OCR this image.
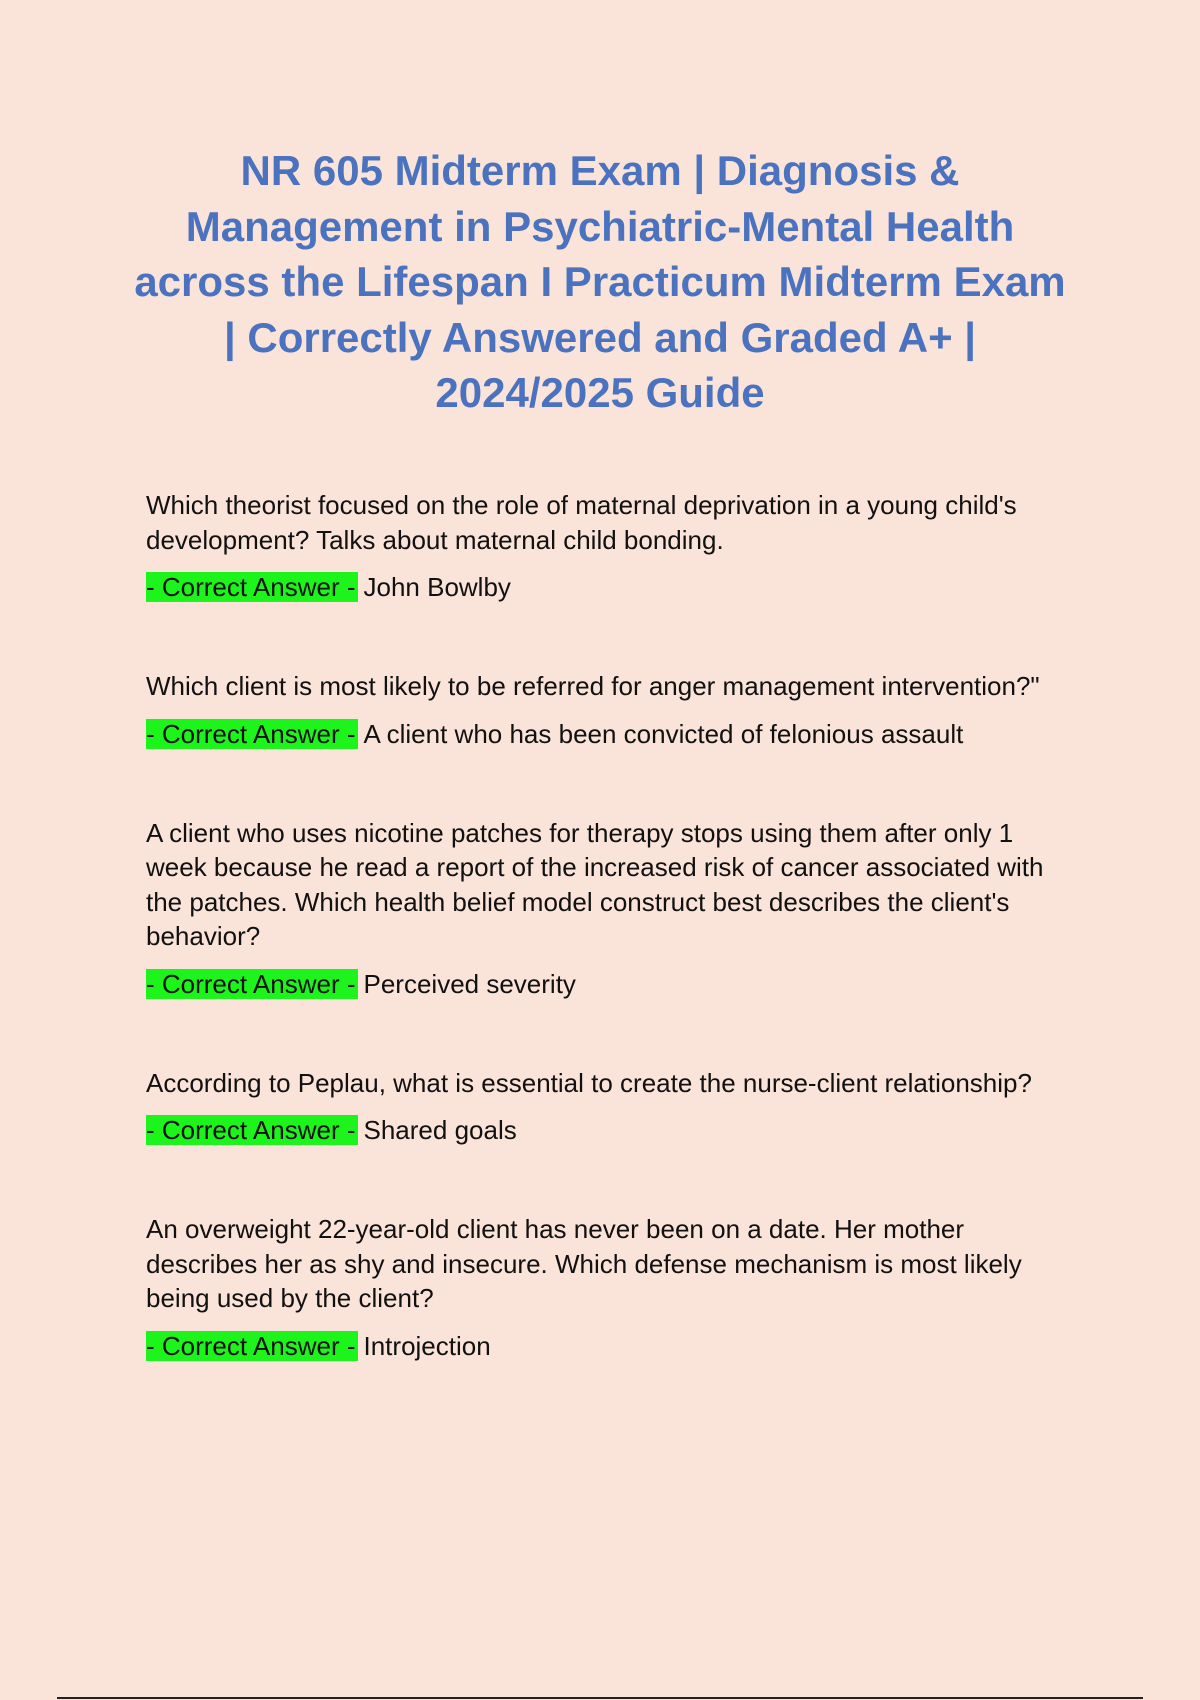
NR 605 Midterm Exam | Diagnosis & Management in Psychiatric-Mental Health across the Lifespan I Practicum Midterm Exam | Correctly Answered and Graded A+ | 2024/2025 Guide

Which theorist focused on the role of maternal deprivation in a young child's development? Talks about maternal child bonding.

- Correct Answer - John Bowlby

Which client is most likely to be referred for anger management intervention?"

- Correct Answer - A client who has been convicted of felonious assault

A client who uses nicotine patches for therapy stops using them after only 1 week because he read a report of the increased risk of cancer associated with the patches. Which health belief model construct best describes the client's behavior?

- Correct Answer - Perceived severity

According to Peplau, what is essential to create the nurse-client relationship?

- Correct Answer - Shared goals

An overweight 22-year-old client has never been on a date. Her mother describes her as shy and insecure. Which defense mechanism is most likely being used by the client?

- Correct Answer - Introjection
